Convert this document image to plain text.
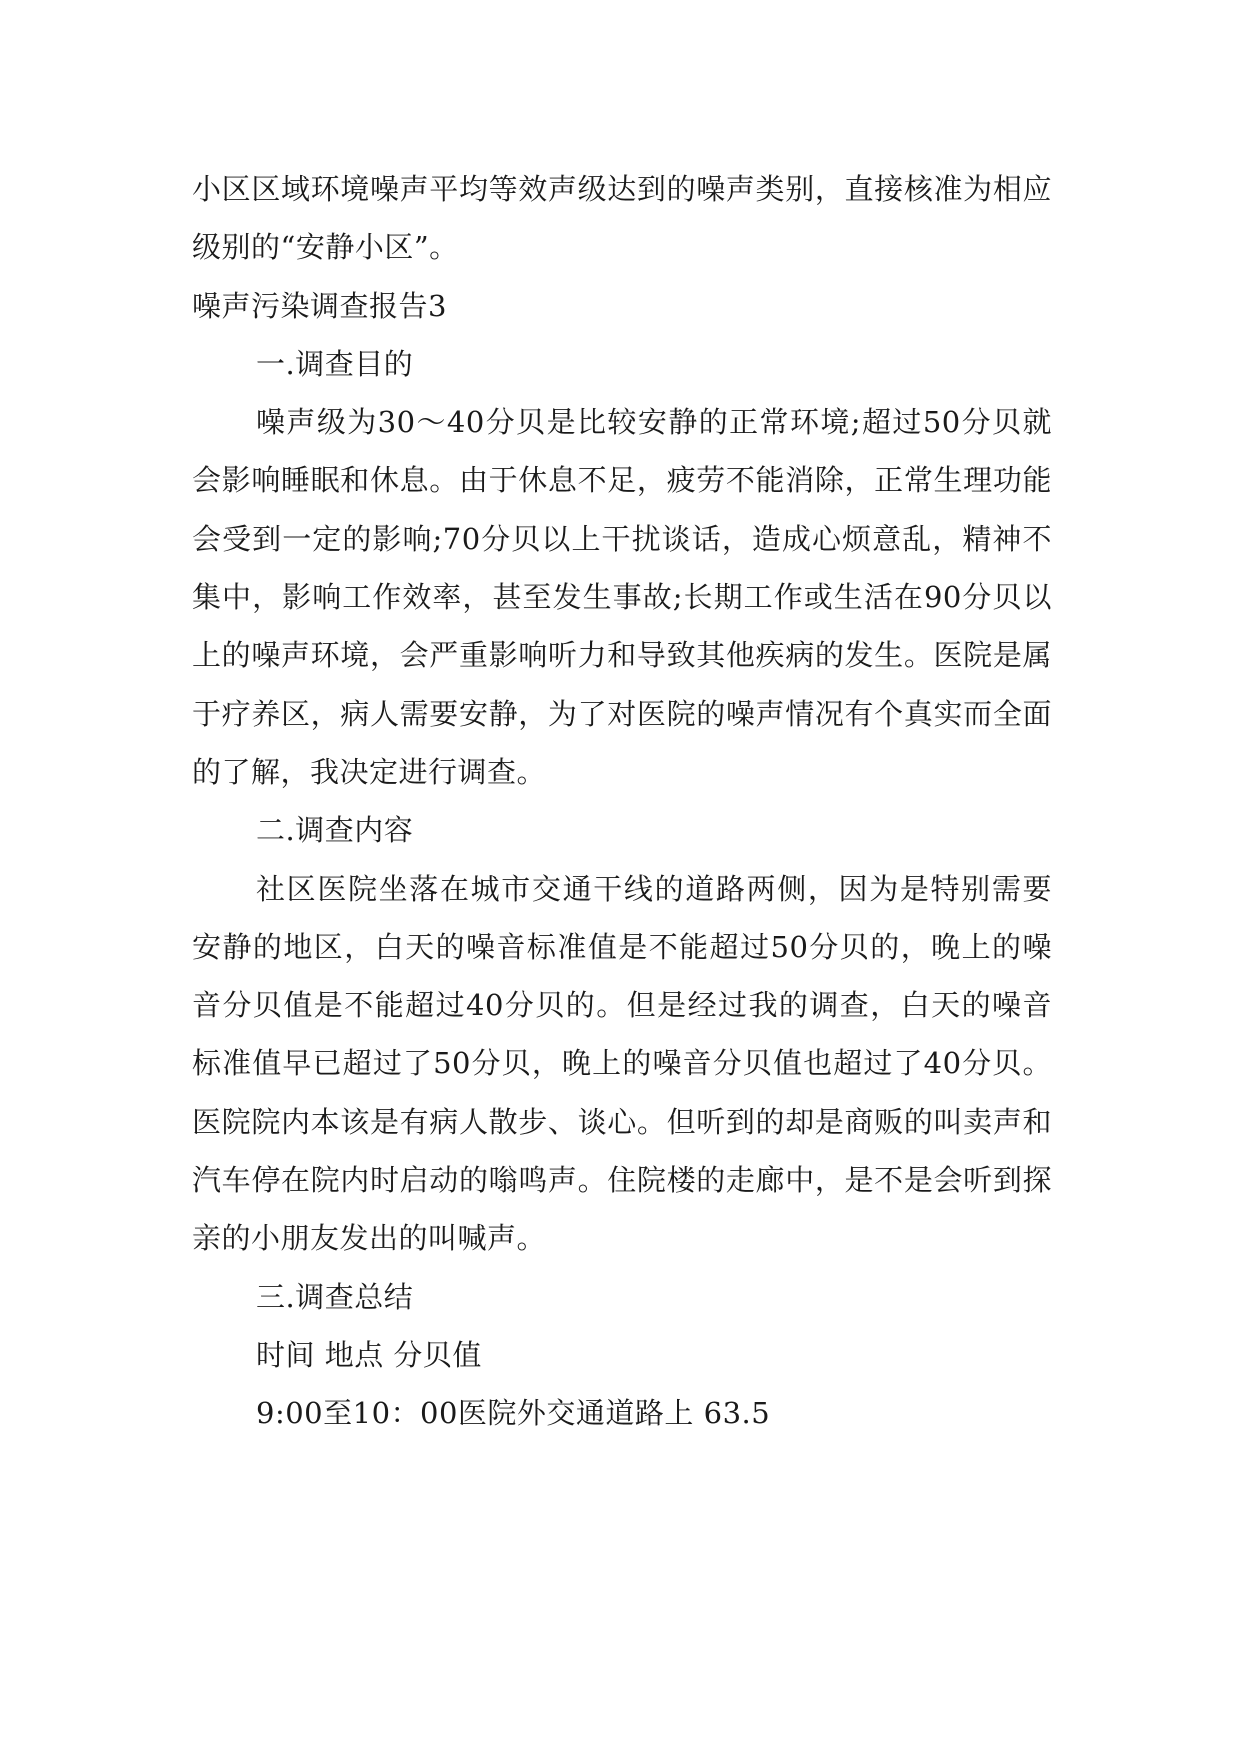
小区区域环境噪声平均等效声级达到的噪声类别，直接核准为相应级别的“安静小区”。

噪声污染调查报告3

一.调查目的

噪声级为30～40分贝是比较安静的正常环境;超过50分贝就会影响睡眠和休息。由于休息不足，疲劳不能消除，正常生理功能会受到一定的影响;70分贝以上干扰谈话，造成心烦意乱，精神不集中，影响工作效率，甚至发生事故;长期工作或生活在90分贝以上的噪声环境，会严重影响听力和导致其他疾病的发生。医院是属于疗养区，病人需要安静，为了对医院的噪声情况有个真实而全面的了解，我决定进行调查。

二.调查内容

社区医院坐落在城市交通干线的道路两侧，因为是特别需要安静的地区，白天的噪音标准值是不能超过50分贝的，晚上的噪音分贝值是不能超过40分贝的。但是经过我的调查，白天的噪音标准值早已超过了50分贝，晚上的噪音分贝值也超过了40分贝。医院院内本该是有病人散步、谈心。但听到的却是商贩的叫卖声和汽车停在院内时启动的嗡鸣声。住院楼的走廊中，是不是会听到探亲的小朋友发出的叫喊声。

三.调查总结

时间 地点 分贝值

9:00至10：00医院外交通道路上 63.5
